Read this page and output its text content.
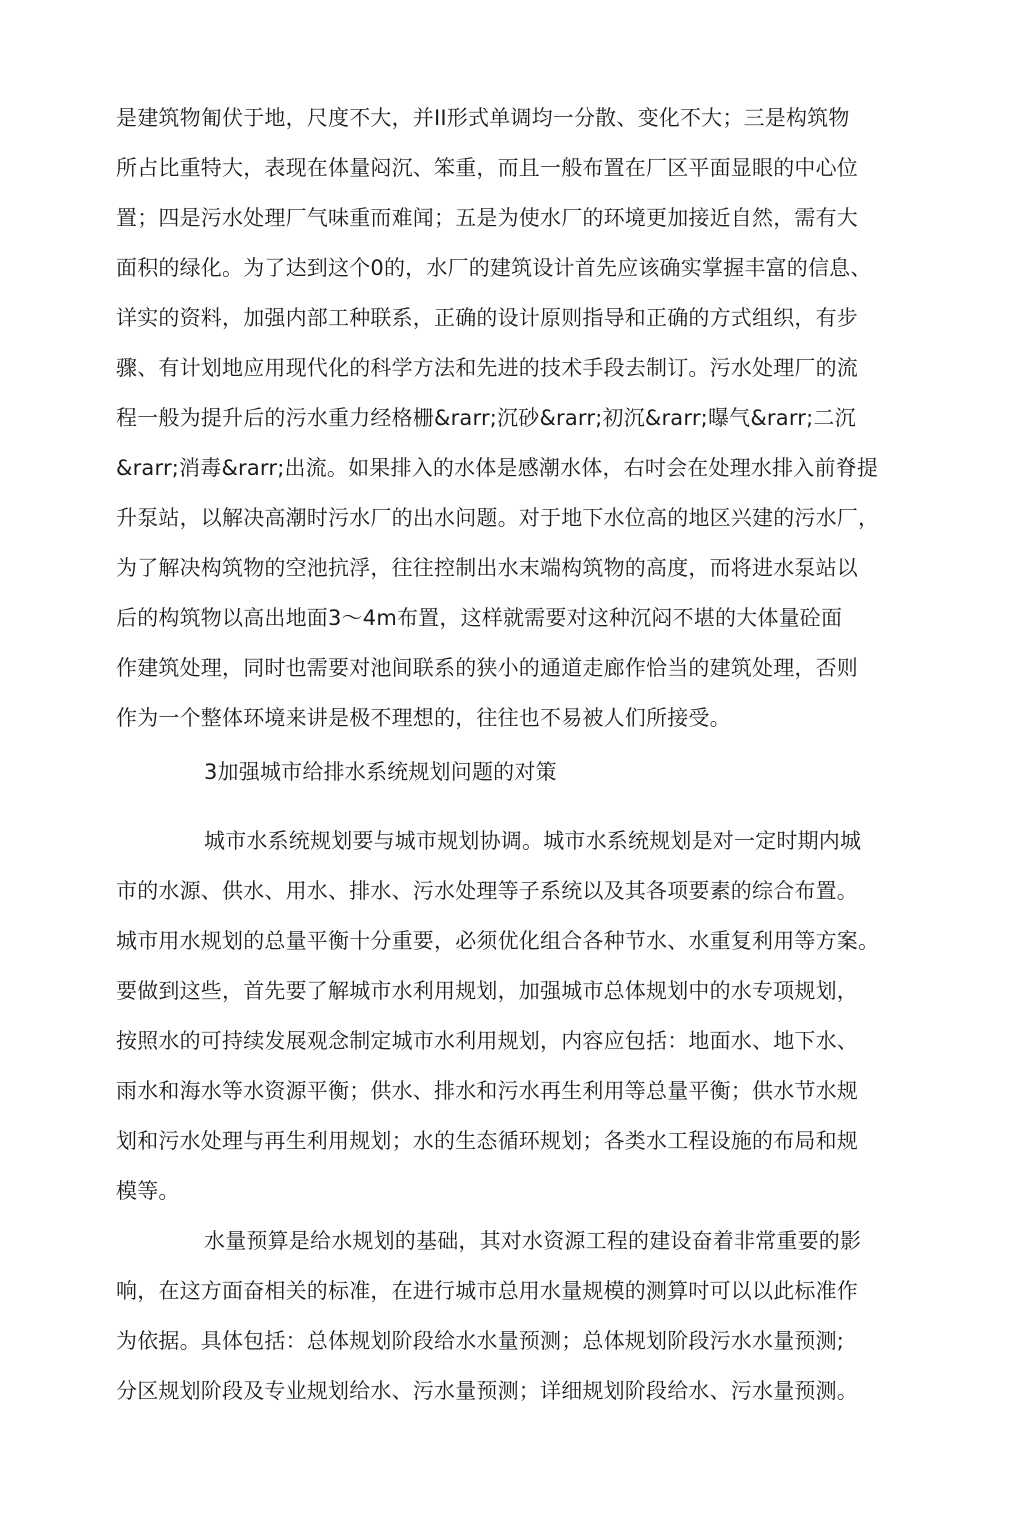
是建筑物匍伏于地，尺度不大，并II形式单调均一分散、变化不大；三是构筑物
所占比重特大，表现在体量闷沉、笨重，而且一般布置在厂区平面显眼的中心位
置；四是污水处理厂气味重而难闻；五是为使水厂的环境更加接近自然，需有大
面积的绿化。为了达到这个0的，水厂的建筑设计首先应该确实掌握丰富的信息、
详实的资料，加强内部工种联系，正确的设计原则指导和正确的方式组织，有步
骤、有计划地应用现代化的科学方法和先进的技术手段去制订。污水处理厂的流
程一般为提升后的污水重力经格栅&rarr;沉砂&rarr;初沉&rarr;曝气&rarr;二沉
&rarr;消毒&rarr;出流。如果排入的水体是感潮水体，右吋会在处理水排入前脊提
升泵站，以解决高潮时污水厂的出水问题。对于地下水位高的地区兴建的污水厂，
为了解决构筑物的空池抗浮，往往控制出水末端构筑物的高度，而将进水泵站以
后的构筑物以高出地面3～4m布置，这样就需要对这种沉闷不堪的大体量砼面
作建筑处理，同时也需要对池间联系的狭小的通道走廊作恰当的建筑处理，否则
作为一个整体环境来讲是极不理想的，往往也不易被人们所接受。
3加强城市给排水系统规划问题的对策
城市水系统规划要与城市规划协调。城市水系统规划是对一定时期内城
市的水源、供水、用水、排水、污水处理等子系统以及其各项要素的综合布置。
城市用水规划的总量平衡十分重要，必须优化组合各种节水、水重复利用等方案。
要做到这些，首先要了解城市水利用规划，加强城市总体规划中的水专项规划，
按照水的可持续发展观念制定城市水利用规划，内容应包括：地面水、地下水、
雨水和海水等水资源平衡；供水、排水和污水再生利用等总量平衡；供水节水规
划和污水处理与再生利用规划；水的生态循环规划；各类水工程设施的布局和规
模等。
水量预算是给水规划的基础，其对水资源工程的建设奋着非常重要的影
响，在这方面奋相关的标准，在进行城市总用水量规模的测算吋可以以此标准作
为依据。具体包括：总体规划阶段给水水量预测；总体规划阶段污水水量预测;
分区规划阶段及专业规划给水、污水量预测；详细规划阶段给水、污水量预测。
